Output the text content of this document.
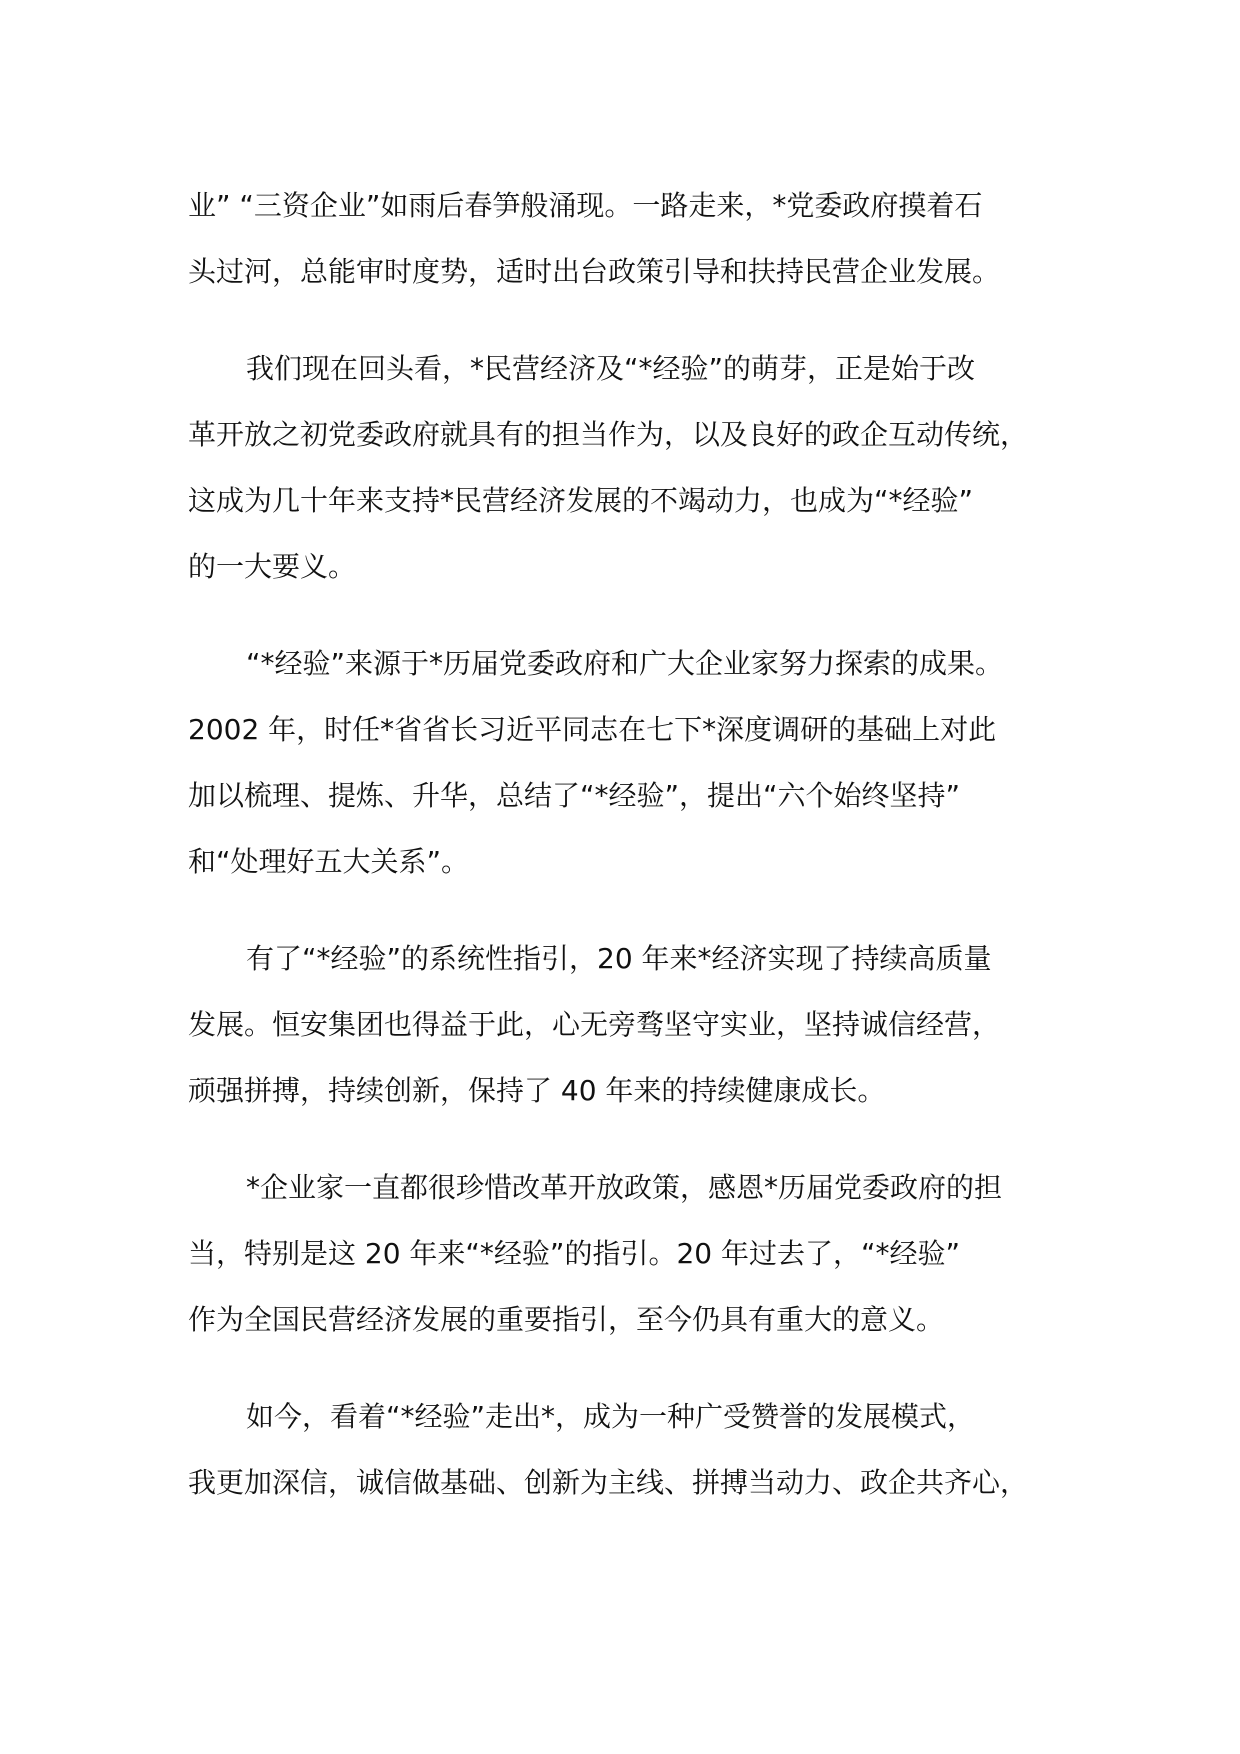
业” “三资企业”如雨后春笋般涌现。一路走来，*党委政府摸着石
头过河，总能审时度势，适时出台政策引导和扶持民营企业发展。
我们现在回头看，*民营经济及“*经验”的萌芽，正是始于改
革开放之初党委政府就具有的担当作为，以及良好的政企互动传统，
这成为几十年来支持*民营经济发展的不竭动力，也成为“*经验”
的一大要义。
“*经验”来源于*历届党委政府和广大企业家努力探索的成果。
2002 年，时任*省省长习近平同志在七下*深度调研的基础上对此
加以梳理、提炼、升华，总结了“*经验”，提出“六个始终坚持”
和“处理好五大关系”。
有了“*经验”的系统性指引，20 年来*经济实现了持续高质量
发展。恒安集团也得益于此，心无旁骛坚守实业，坚持诚信经营，
顽强拼搏，持续创新，保持了 40 年来的持续健康成长。
*企业家一直都很珍惜改革开放政策，感恩*历届党委政府的担
当，特别是这 20 年来“*经验”的指引。20 年过去了，“*经验”
作为全国民营经济发展的重要指引，至今仍具有重大的意义。
如今，看着“*经验”走出*，成为一种广受赞誉的发展模式，
我更加深信，诚信做基础、创新为主线、拼搏当动力、政企共齐心，
